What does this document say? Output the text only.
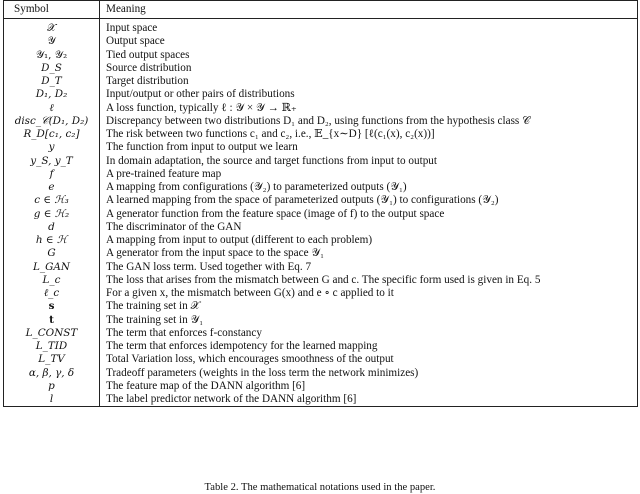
Symbol	Meaning
𝒳	Input space
𝒴	Output space
𝒴₁, 𝒴₂	Tied output spaces
D_S	Source distribution
D_T	Target distribution
D₁, D₂	Input/output or other pairs of distributions
ℓ	A loss function, typically ℓ : 𝒴 × 𝒴 → ℝ₊
disc_𝒞(D₁, D₂)	Discrepancy between two distributions D₁ and D₂, using functions from the hypothesis class 𝒞
R_D[c₁, c₂]	The risk between two functions c₁ and c₂, i.e., 𝔼_{x∼D} [ℓ(c₁(x), c₂(x))]
y	The function from input to output we learn
y_S, y_T	In domain adaptation, the source and target functions from input to output
f	A pre-trained feature map
e	A mapping from configurations (𝒴₂) to parameterized outputs (𝒴₁)
c ∈ ℋ₃	A learned mapping from the space of parameterized outputs (𝒴₁) to configurations (𝒴₂)
g ∈ ℋ₂	A generator function from the feature space (image of f) to the output space
d	The discriminator of the GAN
h ∈ ℋ	A mapping from input to output (different to each problem)
G	A generator from the input space to the space 𝒴₁
L_GAN	The GAN loss term. Used together with Eq. 7
L_c	The loss that arises from the mismatch between G and c. The specific form used is given in Eq. 5
ℓ_c	For a given x, the mismatch between G(x) and e ∘ c applied to it
s	The training set in 𝒳
t	The training set in 𝒴₁
L_CONST	The term that enforces f-constancy
L_TID	The term that enforces idempotency for the learned mapping
L_TV	Total Variation loss, which encourages smoothness of the output
α, β, γ, δ	Tradeoff parameters (weights in the loss term the network minimizes)
p	The feature map of the DANN algorithm [6]
l	The label predictor network of the DANN algorithm [6]
Table 2. The mathematical notations used in the paper.
